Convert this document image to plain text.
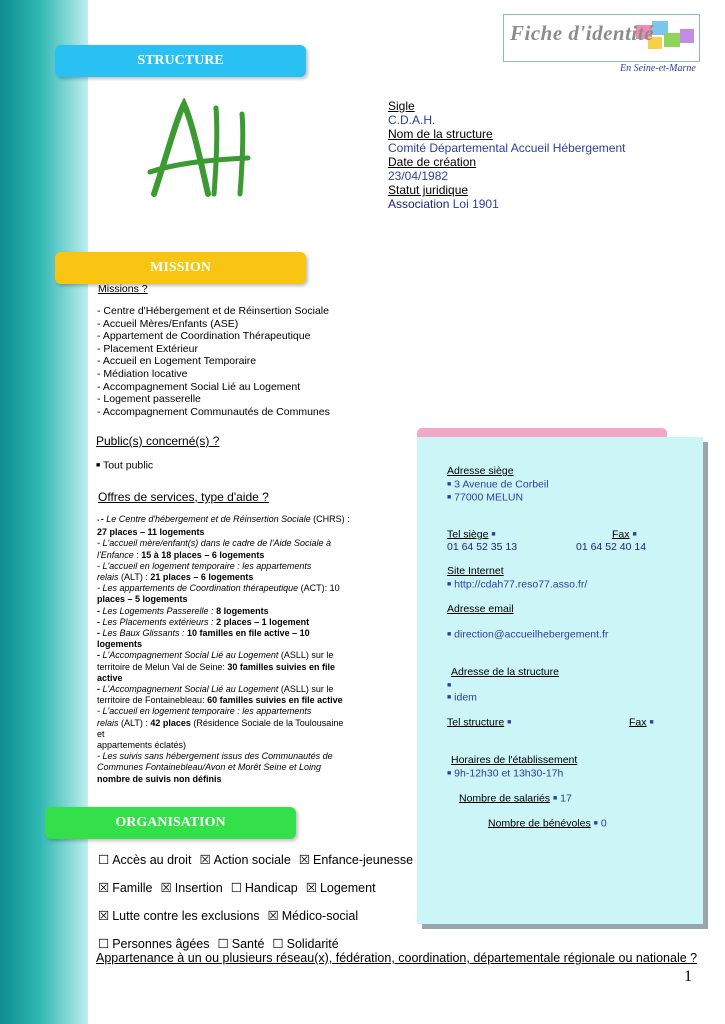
Fiche d'identité
En Seine-et-Marne
STRUCTURE
Sigle
C.D.A.H.
Nom de la structure
Comité Départemental Accueil Hébergement
Date de création
23/04/1982
Statut juridique
Association Loi 1901
MISSION
Missions ?
- Centre d'Hébergement et de Réinsertion Sociale
- Accueil Mères/Enfants (ASE)
- Appartement de Coordination Thérapeutique
- Placement Extérieur
- Accueil en Logement Temporaire
- Médiation locative
- Accompagnement Social Lié au Logement
- Logement passerelle
- Accompagnement Communautés de Communes
Public(s) concerné(s) ?
■ Tout public
Offres de services, type d'aide ?
▪ - Le Centre d'hébergement et de Réinsertion Sociale (CHRS) :
27 places – 11 logements
- L'accueil mère/enfant(s) dans le cadre de l'Aide Sociale à
l'Enfance : 15 à 18 places – 6 logements
- L'accueil en logement temporaire : les appartements
relais (ALT) : 21 places – 6 logements
- Les appartements de Coordination thérapeutique (ACT): 10
places – 5 logements
- Les Logements Passerelle : 8 logements
- Les Placements extérieurs : 2 places – 1 logement
- Les Baux Glissants : 10 familles en file active – 10
logements
- L'Accompagnement Social Lié au Logement (ASLL) sur le
territoire de Melun Val de Seine: 30 familles suivies en file
active
- L'Accompagnement Social Lié au Logement (ASLL) sur le
territoire de Fontainebleau: 60 familles suivies en file active
- L'accueil en logement temporaire : les appartements
relais (ALT) : 42 places (Résidence Sociale de la Toulousaine
et
appartements éclatés)
- Les suivis sans hébergement issus des Communautés de
Communes Fontainebleau/Avon et Morêt Seine et Loing
nombre de suivis non définis
Adresse siège
■ 3 Avenue de Corbeil
■ 77000 MELUN
Tel siège ■	Fax ■
01 64 52 35 13	01 64 52 40 14
Site Internet
■ http://cdah77.reso77.asso.fr/
Adresse email
■ direction@accueilhebergement.fr
Adresse de la structure
■
■ idem
Tel structure ■	Fax ■
Horaires de l'établissement
■ 9h-12h30 et 13h30-17h
Nombre de salariés ■ 17
Nombre de bénévoles ■ 0
ORGANISATION
☐ Accès au droit ☒ Action sociale ☒ Enfance-jeunesse
☒ Famille ☒ Insertion ☐ Handicap ☒ Logement
☒ Lutte contre les exclusions ☒ Médico-social
☐ Personnes âgées ☐ Santé ☐ Solidarité
Appartenance à un ou plusieurs réseau(x), fédération, coordination, départementale régionale ou nationale ?
1
